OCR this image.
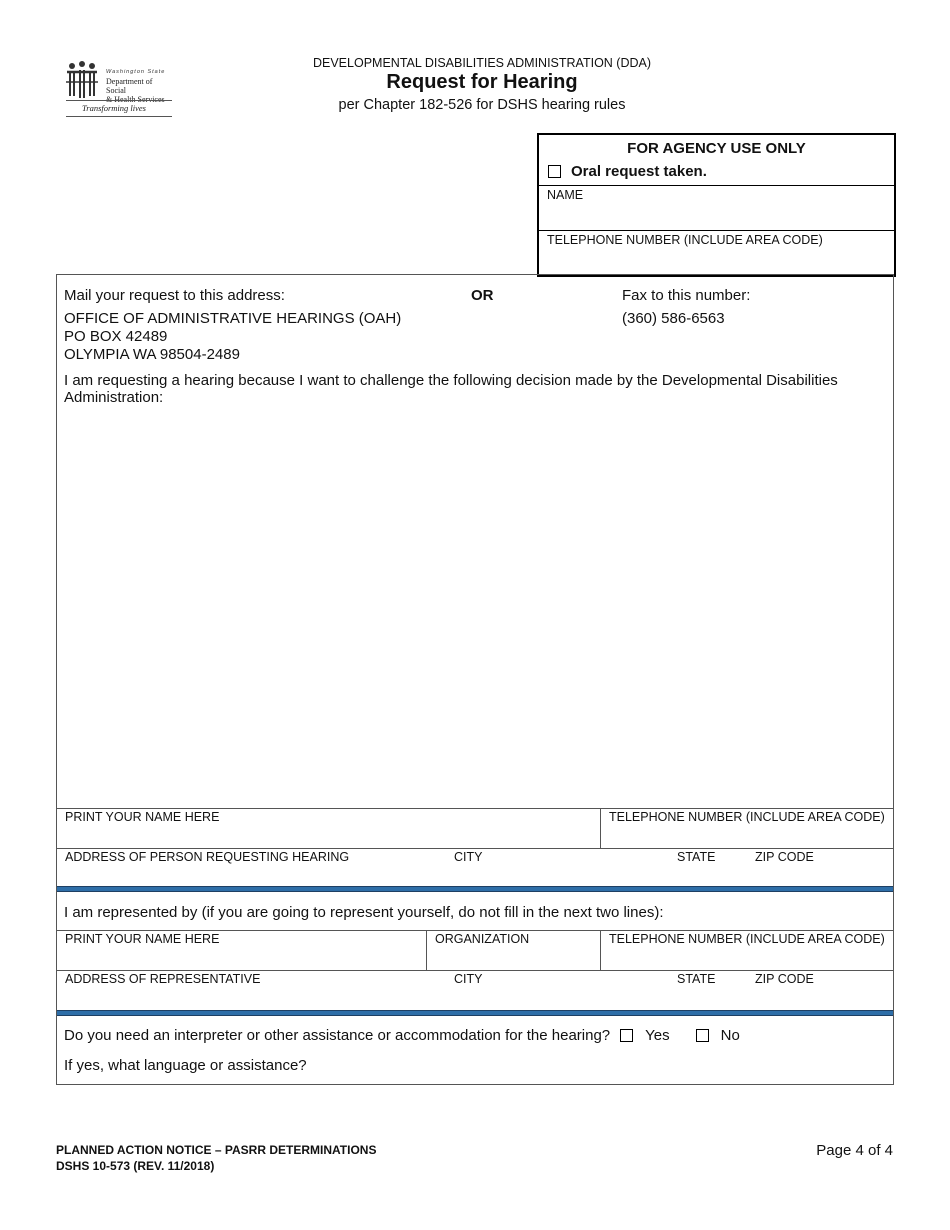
Washington State
Department of Social
& Health Services
Transforming lives
DEVELOPMENTAL DISABILITIES ADMINISTRATION (DDA)
Request for Hearing
per Chapter 182-526 for DSHS hearing rules
FOR AGENCY USE ONLY
Oral request taken.
NAME
TELEPHONE NUMBER (INCLUDE AREA CODE)
Mail your request to this address:	OR	Fax to this number:
OFFICE OF ADMINISTRATIVE HEARINGS (OAH)
PO BOX 42489
OLYMPIA WA 98504-2489
(360) 586-6563
I am requesting a hearing because I want to challenge the following decision made by the Developmental Disabilities Administration:
PRINT YOUR NAME HERE	TELEPHONE NUMBER (INCLUDE AREA CODE)
ADDRESS OF PERSON REQUESTING HEARING	CITY	STATE	ZIP CODE
I am represented by (if you are going to represent yourself, do not fill in the next two lines):
PRINT YOUR NAME HERE	ORGANIZATION	TELEPHONE NUMBER (INCLUDE AREA CODE)
ADDRESS OF REPRESENTATIVE	CITY	STATE	ZIP CODE
Do you need an interpreter or other assistance or accommodation for the hearing? Yes	No
If yes, what language or assistance?
PLANNED ACTION NOTICE – PASRR DETERMINATIONS
DSHS 10-573 (REV. 11/2018)
Page 4 of 4
